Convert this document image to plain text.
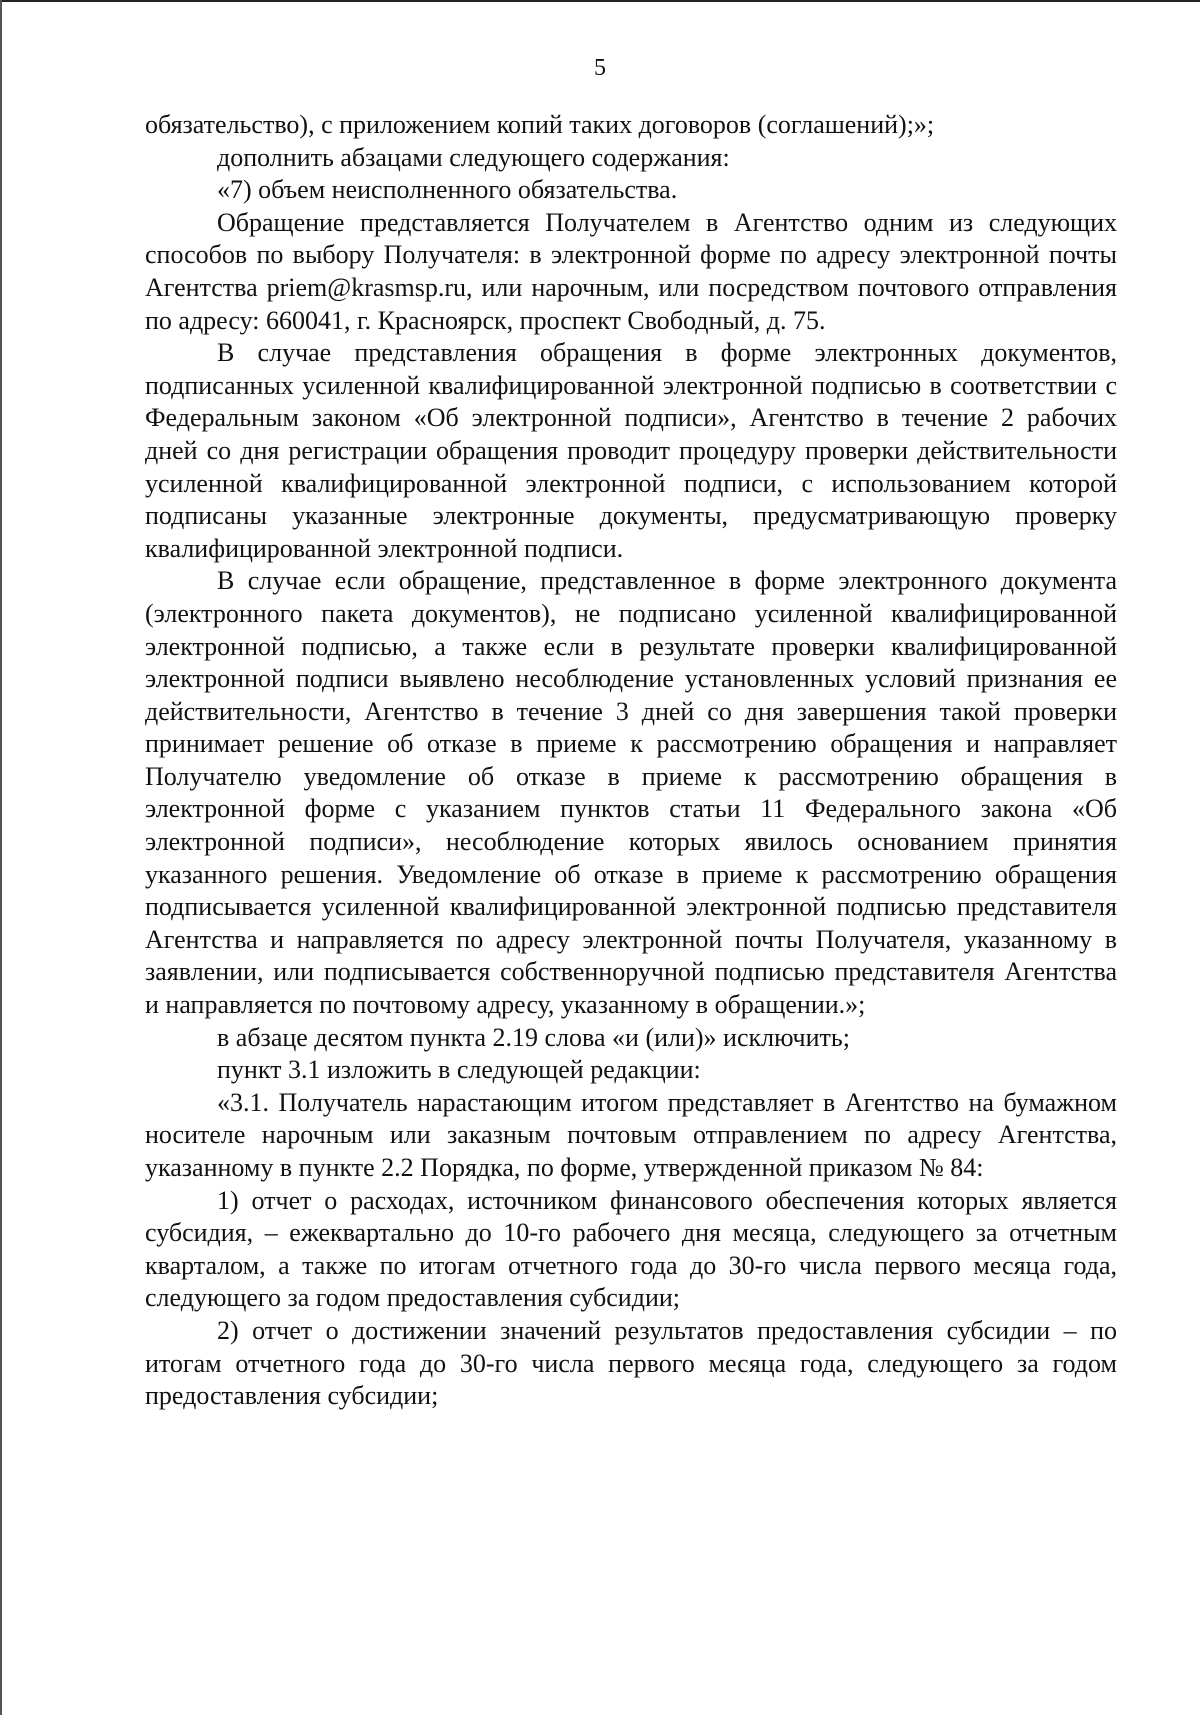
5

обязательство), с приложением копий таких договоров (соглашений);»;

дополнить абзацами следующего содержания:

«7) объем неисполненного обязательства.

Обращение представляется Получателем в Агентство одним из следующих способов по выбору Получателя: в электронной форме по адресу электронной почты Агентства priem@krasmsp.ru, или нарочным, или посредством почтового отправления по адресу: 660041, г. Красноярск, проспект Свободный, д. 75.

В случае представления обращения в форме электронных документов, подписанных усиленной квалифицированной электронной подписью в соответствии с Федеральным законом «Об электронной подписи», Агентство в течение 2 рабочих дней со дня регистрации обращения проводит процедуру проверки действительности усиленной квалифицированной электронной подписи, с использованием которой подписаны указанные электронные документы, предусматривающую проверку квалифицированной электронной подписи.

В случае если обращение, представленное в форме электронного документа (электронного пакета документов), не подписано усиленной квалифицированной электронной подписью, а также если в результате проверки квалифицированной электронной подписи выявлено несоблюдение установленных условий признания ее действительности, Агентство в течение 3 дней со дня завершения такой проверки принимает решение об отказе в приеме к рассмотрению обращения и направляет Получателю уведомление об отказе в приеме к рассмотрению обращения в электронной форме с указанием пунктов статьи 11 Федерального закона «Об электронной подписи», несоблюдение которых явилось основанием принятия указанного решения. Уведомление об отказе в приеме к рассмотрению обращения подписывается усиленной квалифицированной электронной подписью представителя Агентства и направляется по адресу электронной почты Получателя, указанному в заявлении, или подписывается собственноручной подписью представителя Агентства и направляется по почтовому адресу, указанному в обращении.»;

в абзаце десятом пункта 2.19 слова «и (или)» исключить;

пункт 3.1 изложить в следующей редакции:

«3.1. Получатель нарастающим итогом представляет в Агентство на бумажном носителе нарочным или заказным почтовым отправлением по адресу Агентства, указанному в пункте 2.2 Порядка, по форме, утвержденной приказом № 84:

1) отчет о расходах, источником финансового обеспечения которых является субсидия, – ежеквартально до 10-го рабочего дня месяца, следующего за отчетным кварталом, а также по итогам отчетного года до 30-го числа первого месяца года, следующего за годом предоставления субсидии;

2) отчет о достижении значений результатов предоставления субсидии – по итогам отчетного года до 30-го числа первого месяца года, следующего за годом предоставления субсидии;
